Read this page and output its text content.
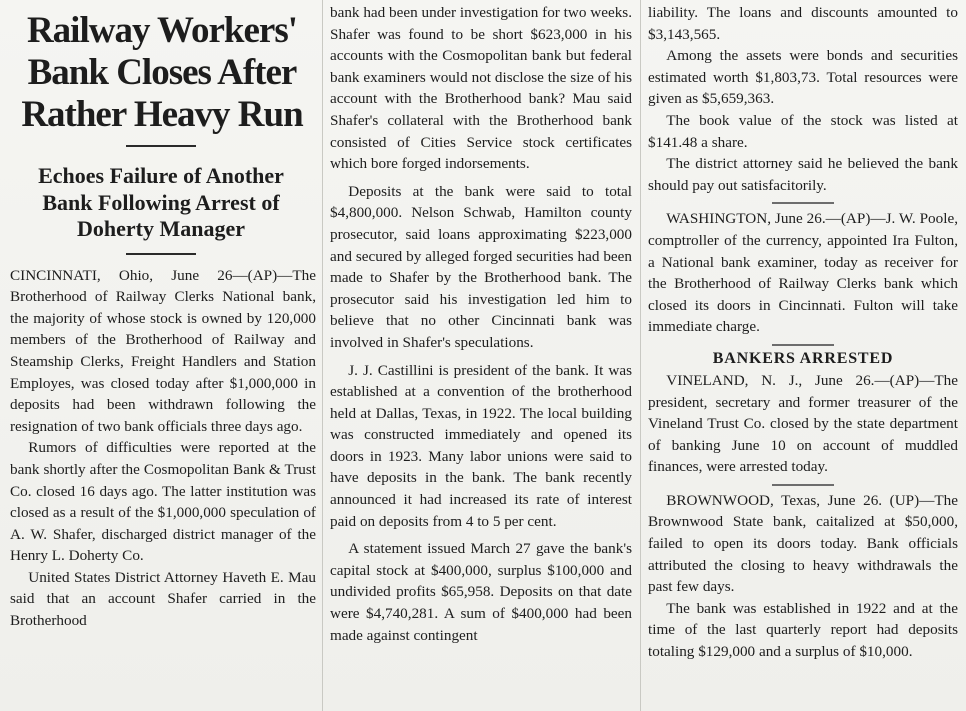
Railway Workers' Bank Closes After Rather Heavy Run
Echoes Failure of Another Bank Following Arrest of Doherty Manager

CINCINNATI, Ohio, June 26—(AP)—The Brotherhood of Railway Clerks National bank, the majority of whose stock is owned by 120,000 members of the Brotherhood of Railway and Steamship Clerks, Freight Handlers and Station Employes, was closed today after $1,000,000 in deposits had been withdrawn following the resignation of two bank officials three days ago.

Rumors of difficulties were reported at the bank shortly after the Cosmopolitan Bank & Trust Co. closed 16 days ago. The latter institution was closed as a result of the $1,000,000 speculation of A. W. Shafer, discharged district manager of the Henry L. Doherty Co.

United States District Attorney Haveth E. Mau said that an account Shafer carried in the Brotherhood

bank had been under investigation for two weeks. Shafer was found to be short $623,000 in his accounts with the Cosmopolitan bank but federal bank examiners would not disclose the size of his account with the Brotherhood bank? Mau said Shafer's collateral with the Brotherhood bank consisted of Cities Service stock certificates which bore forged indorsements.

Deposits at the bank were said to total $4,800,000. Nelson Schwab, Hamilton county prosecutor, said loans approximating $223,000 and secured by alleged forged securities had been made to Shafer by the Brotherhood bank. The prosecutor said his investigation led him to believe that no other Cincinnati bank was involved in Shafer's speculations.

J. J. Castillini is president of the bank. It was established at a convention of the brotherhood held at Dallas, Texas, in 1922. The local building was constructed immediately and opened its doors in 1923. Many labor unions were said to have deposits in the bank. The bank recently announced it had increased its rate of interest paid on deposits from 4 to 5 per cent.

A statement issued March 27 gave the bank's capital stock at $400,000, surplus $100,000 and undivided profits $65,958. Deposits on that date were $4,740,281. A sum of $400,000 had been made against contingent

liability. The loans and discounts amounted to $3,143,565.

Among the assets were bonds and securities estimated worth $1,803,73. Total resources were given as $5,659,363.

The book value of the stock was listed at $141.48 a share.

The district attorney said he believed the bank should pay out satisfacitorily.

WASHINGTON, June 26.—(AP)—J. W. Poole, comptroller of the currency, appointed Ira Fulton, a National bank examiner, today as receiver for the Brotherhood of Railway Clerks bank which closed its doors in Cincinnati. Fulton will take immediate charge.

BANKERS ARRESTED

VINELAND, N. J., June 26.—(AP)—The president, secretary and former treasurer of the Vineland Trust Co. closed by the state department of banking June 10 on account of muddled finances, were arrested today.

BROWNWOOD, Texas, June 26. (UP)—The Brownwood State bank, caitalized at $50,000, failed to open its doors today. Bank officials attributed the closing to heavy withdrawals the past few days.

The bank was established in 1922 and at the time of the last quarterly report had deposits totaling $129,000 and a surplus of $10,000.
